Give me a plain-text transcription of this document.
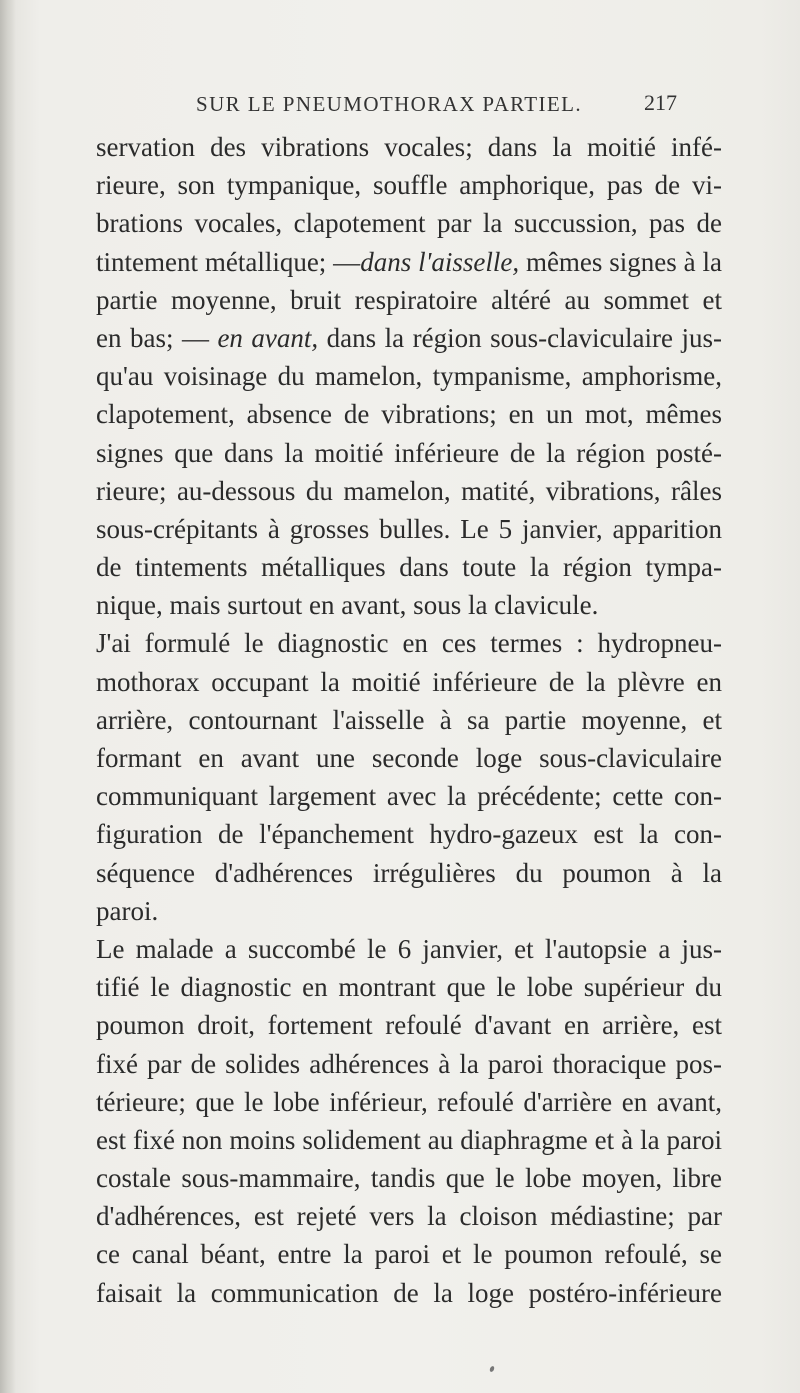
SUR LE PNEUMOTHORAX PARTIEL.	217
servation des vibrations vocales; dans la moitié infé-
rieure, son tympanique, souffle amphorique, pas de vi-
brations vocales, clapotement par la succussion, pas de
tintement métallique; —dans l'aisselle, mêmes signes à la
partie moyenne, bruit respiratoire altéré au sommet et
en bas; — en avant, dans la région sous-claviculaire jus-
qu'au voisinage du mamelon, tympanisme, amphorisme,
clapotement, absence de vibrations; en un mot, mêmes
signes que dans la moitié inférieure de la région posté-
rieure; au-dessous du mamelon, matité, vibrations, râles
sous-crépitants à grosses bulles. Le 5 janvier, apparition
de tintements métalliques dans toute la région tympa-
nique, mais surtout en avant, sous la clavicule.
J'ai formulé le diagnostic en ces termes : hydropneu-
mothorax occupant la moitié inférieure de la plèvre en
arrière, contournant l'aisselle à sa partie moyenne, et
formant en avant une seconde loge sous-claviculaire
communiquant largement avec la précédente; cette con-
figuration de l'épanchement hydro-gazeux est la con-
séquence d'adhérences irrégulières du poumon à la
paroi.
Le malade a succombé le 6 janvier, et l'autopsie a jus-
tifié le diagnostic en montrant que le lobe supérieur du
poumon droit, fortement refoulé d'avant en arrière, est
fixé par de solides adhérences à la paroi thoracique pos-
térieure; que le lobe inférieur, refoulé d'arrière en avant,
est fixé non moins solidement au diaphragme et à la paroi
costale sous-mammaire, tandis que le lobe moyen, libre
d'adhérences, est rejeté vers la cloison médiastine; par
ce canal béant, entre la paroi et le poumon refoulé, se
faisait la communication de la loge postéro-inférieure
